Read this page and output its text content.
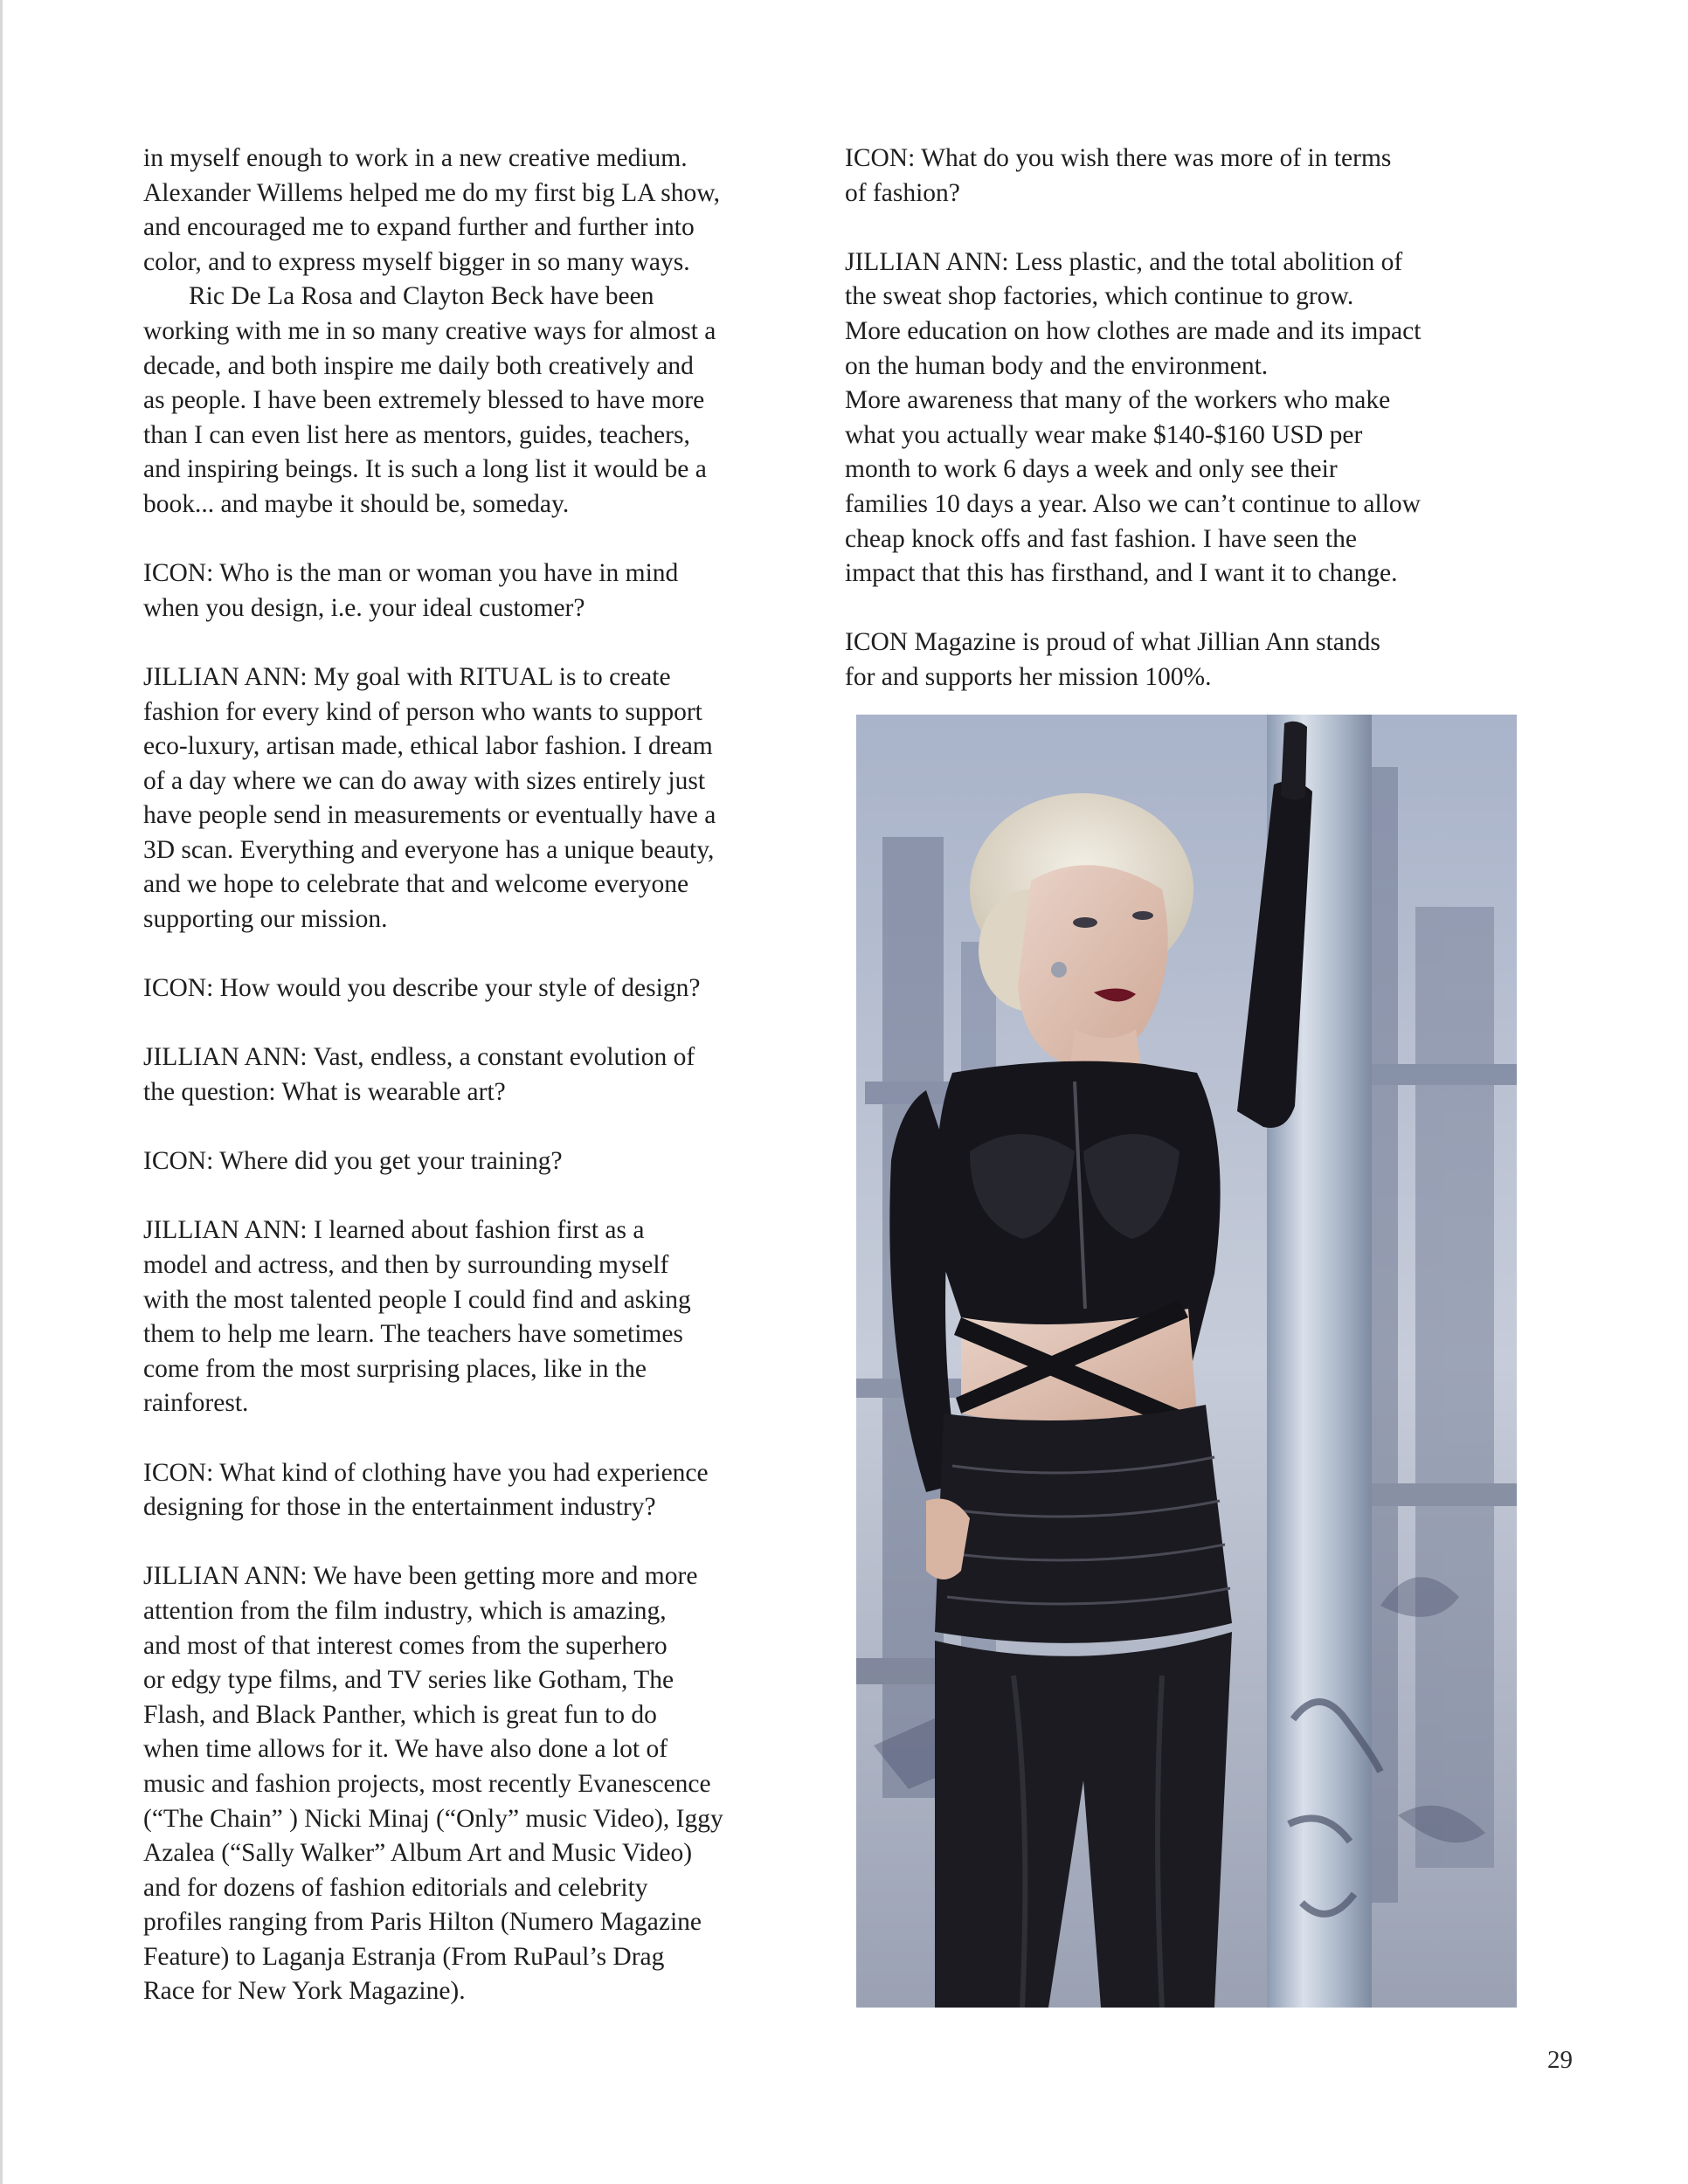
in myself enough to work in a new creative medium.
Alexander Willems helped me do my first big LA show,
and encouraged me to expand further and further into
color, and to express myself bigger in so many ways.
Ric De La Rosa and Clayton Beck have been
working with me in so many creative ways for almost a
decade, and both inspire me daily both creatively and
as people. I have been extremely blessed to have more
than I can even list here as mentors, guides, teachers,
and inspiring beings. It is such a long list it would be a
book... and maybe it should be, someday.
ICON: Who is the man or woman you have in mind
when you design, i.e. your ideal customer?
JILLIAN ANN: My goal with RITUAL is to create
fashion for every kind of person who wants to support
eco-luxury, artisan made, ethical labor fashion. I dream
of a day where we can do away with sizes entirely just
have people send in measurements or eventually have a
3D scan. Everything and everyone has a unique beauty,
and we hope to celebrate that and welcome everyone
supporting our mission.
ICON: How would you describe your style of design?
JILLIAN ANN: Vast, endless, a constant evolution of
the question: What is wearable art?
ICON: Where did you get your training?
JILLIAN ANN: I learned about fashion first as a
model and actress, and then by surrounding myself
with the most talented people I could find and asking
them to help me learn. The teachers have sometimes
come from the most surprising places, like in the
rainforest.
ICON: What kind of clothing have you had experience
designing for those in the entertainment industry?
JILLIAN ANN: We have been getting more and more
attention from the film industry, which is amazing,
and most of that interest comes from the superhero
or edgy type films, and TV series like Gotham, The
Flash, and Black Panther, which is great fun to do
when time allows for it. We have also done a lot of
music and fashion projects, most recently Evanescence
(“The Chain” ) Nicki Minaj (“Only” music Video), Iggy
Azalea (“Sally Walker” Album Art and Music Video)
and for dozens of fashion editorials and celebrity
profiles ranging from Paris Hilton (Numero Magazine
Feature) to Laganja Estranja (From RuPaul’s Drag
Race for New York Magazine).
ICON: What do you wish there was more of in terms
of fashion?
JILLIAN ANN: Less plastic, and the total abolition of
the sweat shop factories, which continue to grow.
More education on how clothes are made and its impact
on the human body and the environment.
More awareness that many of the workers who make
what you actually wear make $140-$160 USD per
month to work 6 days a week and only see their
families 10 days a year. Also we can’t continue to allow
cheap knock offs and fast fashion. I have seen the
impact that this has firsthand, and I want it to change.
ICON Magazine is proud of what Jillian Ann stands
for and supports her mission 100%.
29
